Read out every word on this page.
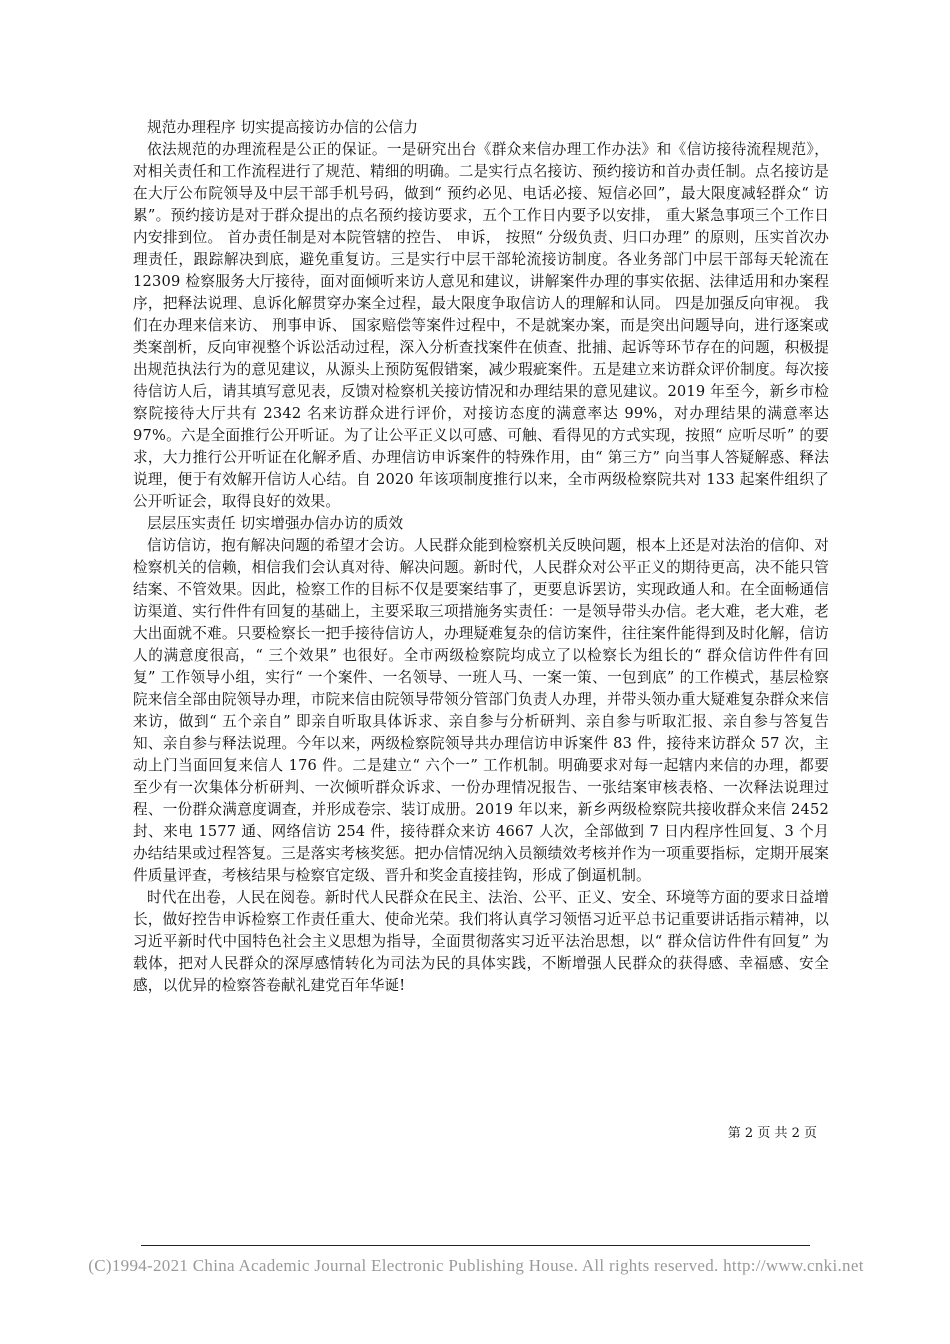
规范办理程序 切实提高接访办信的公信力

依法规范的办理流程是公正的保证。一是研究出台《群众来信办理工作办法》和《信访接待流程规范》，对相关责任和工作流程进行了规范、精细的明确。二是实行点名接访、预约接访和首办责任制。点名接访是在大厅公布院领导及中层干部手机号码，做到“ 预约必见、电话必接、短信必回”，最大限度减轻群众“ 访累”。预约接访是对于群众提出的点名预约接访要求，五个工作日内要予以安排， 重大紧急事项三个工作日内安排到位。 首办责任制是对本院管辖的控告、 申诉， 按照“ 分级负责、归口办理” 的原则，压实首次办理责任，跟踪解决到底，避免重复访。三是实行中层干部轮流接访制度。各业务部门中层干部每天轮流在 12309 检察服务大厅接待，面对面倾听来访人意见和建议，讲解案件办理的事实依据、法律适用和办案程序，把释法说理、息诉化解贯穿办案全过程，最大限度争取信访人的理解和认同。 四是加强反向审视。 我们在办理来信来访、 刑事申诉、 国家赔偿等案件过程中，不是就案办案，而是突出问题导向，进行逐案或类案剖析，反向审视整个诉讼活动过程，深入分析查找案件在侦查、批捕、起诉等环节存在的问题，积极提出规范执法行为的意见建议，从源头上预防冤假错案，减少瑕疵案件。五是建立来访群众评价制度。每次接待信访人后，请其填写意见表，反馈对检察机关接访情况和办理结果的意见建议。2019 年至今，新乡市检察院接待大厅共有 2342 名来访群众进行评价，对接访态度的满意率达 99%，对办理结果的满意率达 97%。六是全面推行公开听证。为了让公平正义以可感、可触、看得见的方式实现，按照“ 应听尽听” 的要求，大力推行公开听证在化解矛盾、办理信访申诉案件的特殊作用，由“ 第三方” 向当事人答疑解惑、释法说理，便于有效解开信访人心结。自 2020 年该项制度推行以来，全市两级检察院共对 133 起案件组织了公开听证会，取得良好的效果。

层层压实责任 切实增强办信办访的质效

信访信访，抱有解决问题的希望才会访。人民群众能到检察机关反映问题，根本上还是对法治的信仰、对检察机关的信赖，相信我们会认真对待、解决问题。新时代，人民群众对公平正义的期待更高，决不能只管结案、不管效果。因此，检察工作的目标不仅是要案结事了，更要息诉罢访，实现政通人和。在全面畅通信访渠道、实行件件有回复的基础上，主要采取三项措施务实责任：一是领导带头办信。老大难，老大难，老大出面就不难。只要检察长一把手接待信访人，办理疑难复杂的信访案件，往往案件能得到及时化解，信访人的满意度很高，“ 三个效果” 也很好。全市两级检察院均成立了以检察长为组长的“ 群众信访件件有回复” 工作领导小组，实行“ 一个案件、一名领导、一班人马、一案一策、一包到底” 的工作模式，基层检察院来信全部由院领导办理，市院来信由院领导带领分管部门负责人办理，并带头领办重大疑难复杂群众来信来访，做到“ 五个亲自” 即亲自听取具体诉求、亲自参与分析研判、亲自参与听取汇报、亲自参与答复告知、亲自参与释法说理。今年以来，两级检察院领导共办理信访申诉案件 83 件，接待来访群众 57 次，主动上门当面回复来信人 176 件。二是建立“ 六个一” 工作机制。明确要求对每一起辖内来信的办理，都要至少有一次集体分析研判、一次倾听群众诉求、一份办理情况报告、一张结案审核表格、一次释法说理过程、一份群众满意度调查，并形成卷宗、装订成册。2019 年以来，新乡两级检察院共接收群众来信 2452 封、来电 1577 通、网络信访 254 件，接待群众来访 4667 人次，全部做到 7 日内程序性回复、3 个月办结结果或过程答复。三是落实考核奖惩。把办信情况纳入员额绩效考核并作为一项重要指标，定期开展案件质量评查，考核结果与检察官定级、晋升和奖金直接挂钩，形成了倒逼机制。

时代在出卷，人民在阅卷。新时代人民群众在民主、法治、公平、正义、安全、环境等方面的要求日益增长，做好控告申诉检察工作责任重大、使命光荣。我们将认真学习领悟习近平总书记重要讲话指示精神，以习近平新时代中国特色社会主义思想为指导，全面贯彻落实习近平法治思想，以“ 群众信访件件有回复” 为载体，把对人民群众的深厚感情转化为司法为民的具体实践，不断增强人民群众的获得感、幸福感、安全感，以优异的检察答卷献礼建党百年华诞!

第 2 页 共 2 页
(C)1994-2021 China Academic Journal Electronic Publishing House. All rights reserved. http://www.cnki.net
